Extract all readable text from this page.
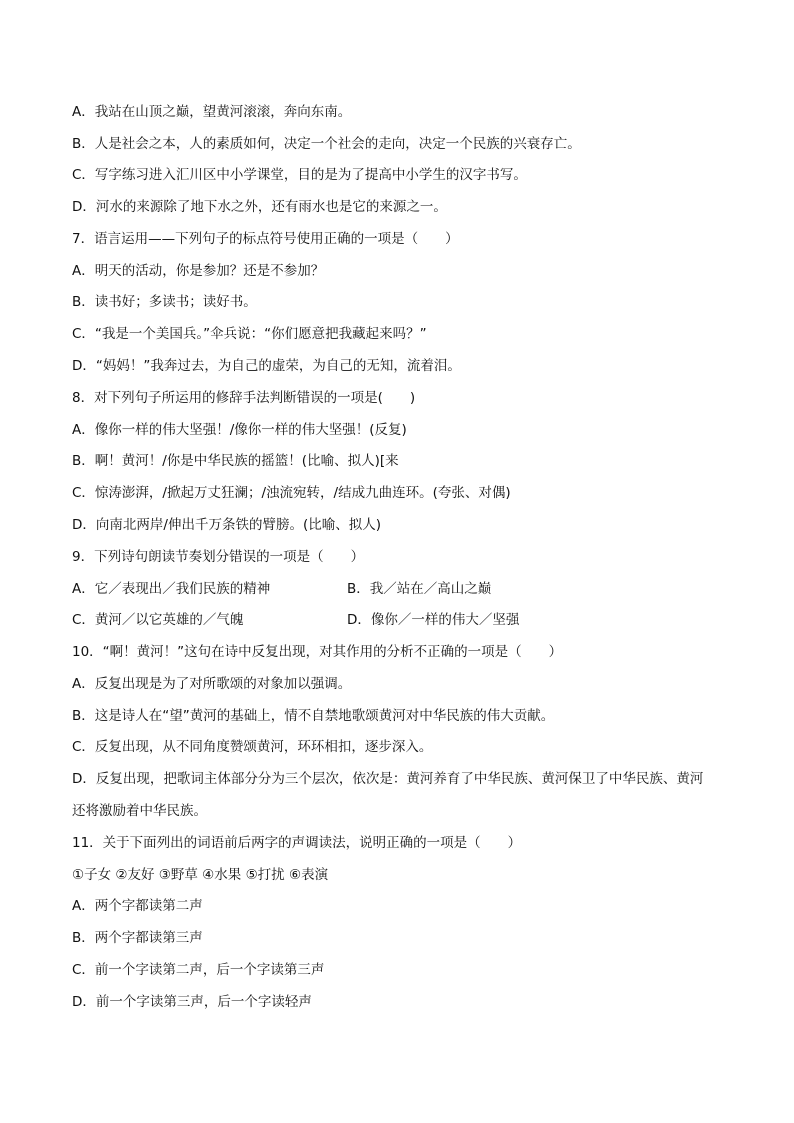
A．我站在山顶之巅，望黄河滚滚，奔向东南。
B．人是社会之本，人的素质如何，决定一个社会的走向，决定一个民族的兴衰存亡。
C．写字练习进入汇川区中小学课堂，目的是为了提高中小学生的汉字书写。
D．河水的来源除了地下水之外，还有雨水也是它的来源之一。
7．语言运用——下列句子的标点符号使用正确的一项是（　　）
A．明天的活动，你是参加？还是不参加？
B．读书好；多读书；读好书。
C．“我是一个美国兵。”伞兵说：“你们愿意把我藏起来吗？”
D．“妈妈！”我奔过去，为自己的虚荣，为自己的无知，流着泪。
8．对下列句子所运用的修辞手法判断错误的一项是(　　)
A．像你一样的伟大坚强！/像你一样的伟大坚强！(反复)
B．啊！黄河！/你是中华民族的摇篮！(比喻、拟人)[来
C．惊涛澎湃，/掀起万丈狂澜；/浊流宛转，/结成九曲连环。(夸张、对偶)
D．向南北两岸/伸出千万条铁的臂膀。(比喻、拟人)
9．下列诗句朗读节奏划分错误的一项是（　　）
A．它／表现出／我们民族的精神	B．我／站在／高山之巅
C．黄河／以它英雄的／气魄	D．像你／一样的伟大／坚强
10．“啊！黄河！”这句在诗中反复出现，对其作用的分析不正确的一项是（　　）
A．反复出现是为了对所歌颂的对象加以强调。
B．这是诗人在“望”黄河的基础上，情不自禁地歌颂黄河对中华民族的伟大贡献。
C．反复出现，从不同角度赞颂黄河，环环相扣，逐步深入。
D．反复出现，把歌词主体部分分为三个层次，依次是：黄河养育了中华民族、黄河保卫了中华民族、黄河
还将激励着中华民族。
11．关于下面列出的词语前后两字的声调读法，说明正确的一项是（　　）
①子女 ②友好 ③野草 ④水果 ⑤打扰 ⑥表演
A．两个字都读第二声
B．两个字都读第三声
C．前一个字读第二声，后一个字读第三声
D．前一个字读第三声，后一个字读轻声
